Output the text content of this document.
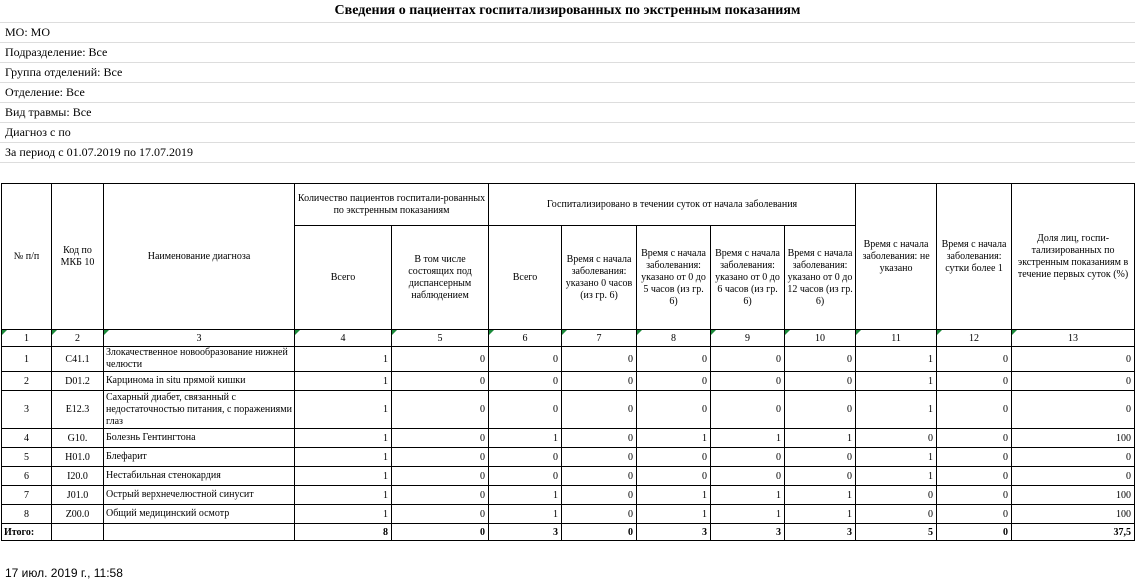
Сведения о пациентах госпитализированных по экстренным показаниям
МО: МО
Подразделение: Все
Группа отделений: Все
Отделение: Все
Вид травмы: Все
Диагноз с по
За период с 01.07.2019 по 17.07.2019
№ п/п	Код по МКБ 10	Наименование диагноза	Количество пациентов госпитали-рованных по экстренным показаниям		Госпитализировано в течении суток от начала заболевания					Время с начала заболевания: не указано	Время с начала заболевания: сутки более 1	Доля лиц, госпи-тализированных по экстренным показаниям в течение первых суток (%)
			Всего	В том числе состоящих под диспансерным наблюдением	Всего	Время с начала заболевания: указано 0 часов (из гр. 6)	Время с начала заболевания: указано от 0 до 5 часов (из гр. 6)	Время с начала заболевания: указано от 0 до 6 часов (из гр. 6)	Время с начала заболевания: указано от 0 до 12 часов (из гр. 6)			
1	2	3	4	5	6	7	8	9	10	11	12	13
1	C41.1	Злокачественное новообразование нижней челюсти	1	0	0	0	0	0	0	1	0	0
2	D01.2	Карцинома in situ прямой кишки	1	0	0	0	0	0	0	1	0	0
3	E12.3	Сахарный диабет, связанный с недостаточностью питания, с поражениями глаз	1	0	0	0	0	0	0	1	0	0
4	G10.	Болезнь Гентингтона	1	0	1	0	1	1	1	0	0	100
5	H01.0	Блефарит	1	0	0	0	0	0	0	1	0	0
6	I20.0	Нестабильная стенокардия	1	0	0	0	0	0	0	1	0	0
7	J01.0	Острый верхнечелюстной синусит	1	0	1	0	1	1	1	0	0	100
8	Z00.0	Общий медицинский осмотр	1	0	1	0	1	1	1	0	0	100
Итого:			8	0	3	0	3	3	3	5	0	37,5
17 июл. 2019 г., 11:58
